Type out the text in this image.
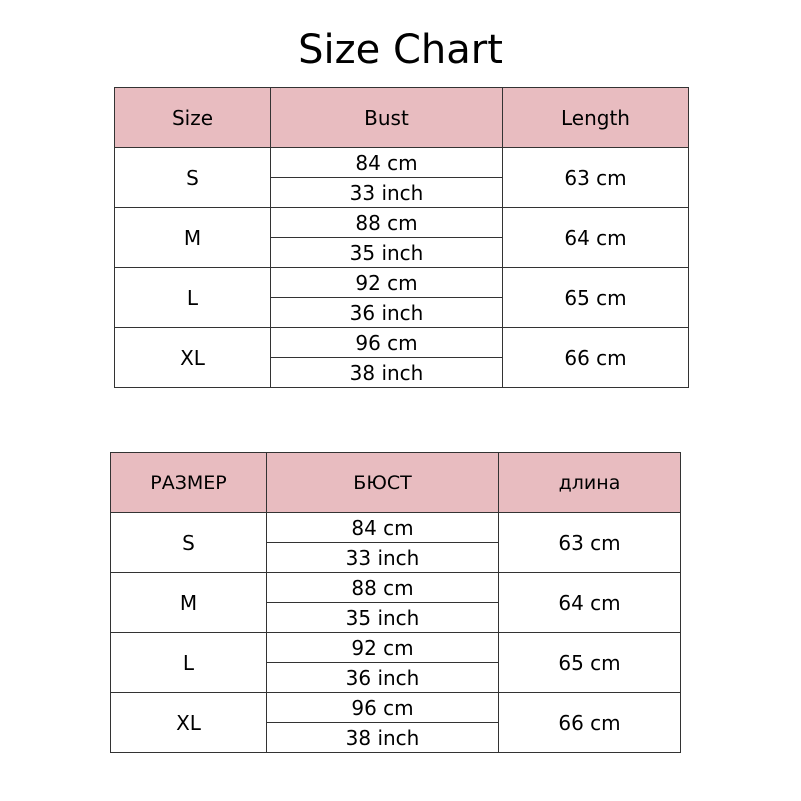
Size Chart
Size	Bust	Length
S	84 cm	63 cm
	33 inch	
M	88 cm	64 cm
	35 inch	
L	92 cm	65 cm
	36 inch	
XL	96 cm	66 cm
	38 inch	
РАЗМЕР	БЮСТ	длина
S	84 cm	63 cm
	33 inch	
M	88 cm	64 cm
	35 inch	
L	92 cm	65 cm
	36 inch	
XL	96 cm	66 cm
	38 inch	
